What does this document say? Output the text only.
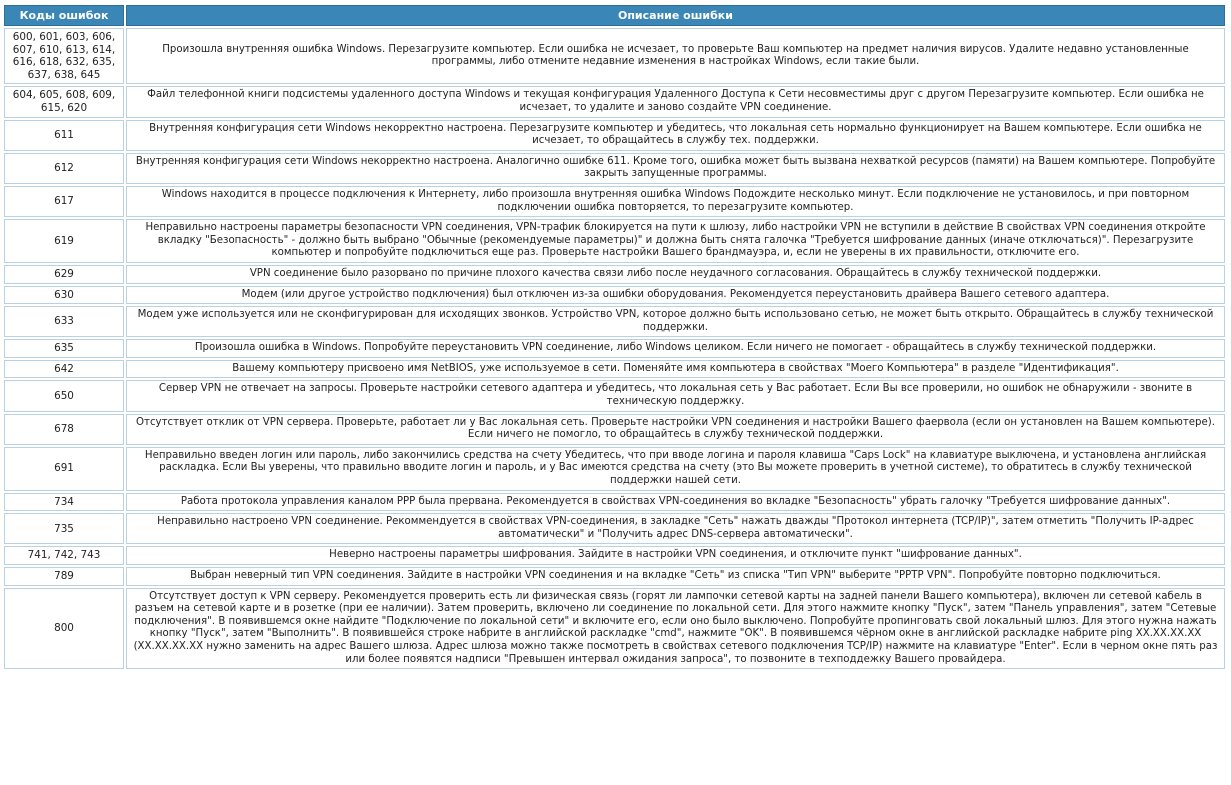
Коды ошибок	Описание ошибки
600, 601, 603, 606, 607, 610, 613, 614, 616, 618, 632, 635, 637, 638, 645	Произошла внутренняя ошибка Windows. Перезагрузите компьютер. Если ошибка не исчезает, то проверьте Ваш компьютер на предмет наличия вирусов. Удалите недавно установленные программы, либо отмените недавние изменения в настройках Windows, если такие были.
604, 605, 608, 609, 615, 620	Файл телефонной книги подсистемы удаленного доступа Windows и текущая конфигурация Удаленного Доступа к Сети несовместимы друг с другом Перезагрузите компьютер. Если ошибка не исчезает, то удалите и заново создайте VPN соединение.
611	Внутренняя конфигурация сети Windows некорректно настроена. Перезагрузите компьютер и убедитесь, что локальная сеть нормально функционирует на Вашем компьютере. Если ошибка не исчезает, то обращайтесь в службу тех. поддержки.
612	Внутренняя конфигурация сети Windows некорректно настроена. Аналогично ошибке 611. Кроме того, ошибка может быть вызвана нехваткой ресурсов (памяти) на Вашем компьютере. Попробуйте закрыть запущенные программы.
617	Windows находится в процессе подключения к Интернету, либо произошла внутренняя ошибка Windows Подождите несколько минут. Если подключение не установилось, и при повторном подключении ошибка повторяется, то перезагрузите компьютер.
619	Неправильно настроены параметры безопасности VPN соединения, VPN-трафик блокируется на пути к шлюзу, либо настройки VPN не вступили в действие В свойствах VPN соединения откройте вкладку "Безопасность" - должно быть выбрано "Обычные (рекомендуемые параметры)" и должна быть снята галочка "Требуется шифрование данных (иначе отключаться)". Перезагрузите компьютер и попробуйте подключиться еще раз. Проверьте настройки Вашего брандмауэра, и, если не уверены в их правильности, отключите его.
629	VPN соединение было разорвано по причине плохого качества связи либо после неудачного согласования. Обращайтесь в службу технической поддержки.
630	Модем (или другое устройство подключения) был отключен из-за ошибки оборудования. Рекомендуется переустановить драйвера Вашего сетевого адаптера.
633	Модем уже используется или не сконфигурирован для исходящих звонков. Устройство VPN, которое должно быть использовано сетью, не может быть открыто. Обращайтесь в службу технической поддержки.
635	Произошла ошибка в Windows. Попробуйте переустановить VPN соединение, либо Windows целиком. Если ничего не помогает - обращайтесь в службу технической поддержки.
642	Вашему компьютеру присвоено имя NetBIOS, уже используемое в сети. Поменяйте имя компьютера в свойствах "Моего Компьютера" в разделе "Идентификация".
650	Сервер VPN не отвечает на запросы. Проверьте настройки сетевого адаптера и убедитесь, что локальная сеть у Вас работает. Если Вы все проверили, но ошибок не обнаружили - звоните в техническую поддержку.
678	Отсутствует отклик от VPN сервера. Проверьте, работает ли у Вас локальная сеть. Проверьте настройки VPN соединения и настройки Вашего фаервола (если он установлен на Вашем компьютере). Если ничего не помогло, то обращайтесь в службу технической поддержки.
691	Неправильно введен логин или пароль, либо закончились средства на счету Убедитесь, что при вводе логина и пароля клавиша "Caps Lock" на клавиатуре выключена, и установлена английская раскладка. Если Вы уверены, что правильно вводите логин и пароль, и у Вас имеются средства на счету (это Вы можете проверить в учетной системе), то обратитесь в службу технической поддержки нашей сети.
734	Работа протокола управления каналом PPP была прервана. Рекомендуется в свойствах VPN-соединения во вкладке "Безопасность" убрать галочку "Требуется шифрование данных".
735	Неправильно настроено VPN соединение. Рекоммендуется в свойствах VPN-соединения, в закладке "Сеть" нажать дважды "Протокол интернета (TCP/IP)", затем отметить "Получить IP-адрес автоматически" и "Получить адрес DNS-сервера автоматически".
741, 742, 743	Неверно настроены параметры шифрования. Зайдите в настройки VPN соединения, и отключите пункт "шифрование данных".
789	Выбран неверный тип VPN соединения. Зайдите в настройки VPN соединения и на вкладке "Сеть" из списка "Тип VPN" выберите "PPTP VPN". Попробуйте повторно подключиться.
800	Отсутствует доступ к VPN серверу. Рекомендуется проверить есть ли физическая связь (горят ли лампочки сетевой карты на задней панели Вашего компьютера), включен ли сетевой кабель в разъем на сетевой карте и в розетке (при ее наличии). Затем проверить, включено ли соединение по локальной сети. Для этого нажмите кнопку "Пуск", затем "Панель управления", затем "Сетевые подключения". В появившемся окне найдите "Подключение по локальной сети" и включите его, если оно было выключено. Попробуйте пропинговать свой локальный шлюз. Для этого нужна нажать кнопку "Пуск", затем "Выполнить". В появившейся строке набрите в английской раскладке "cmd", нажмите "OK". В появившемся чёрном окне в английской раскладке набрите ping XX.XX.XX.XX (XX.XX.XX.XX нужно заменить на адрес Вашего шлюза. Адрес шлюза можно также посмотреть в свойствах сетевого подключения TCP/IP) нажмите на клавиатуре "Enter". Если в черном окне пять раз или более появятся надписи "Превышен интервал ожидания запроса", то позвоните в техподдежку Вашего провайдера.
